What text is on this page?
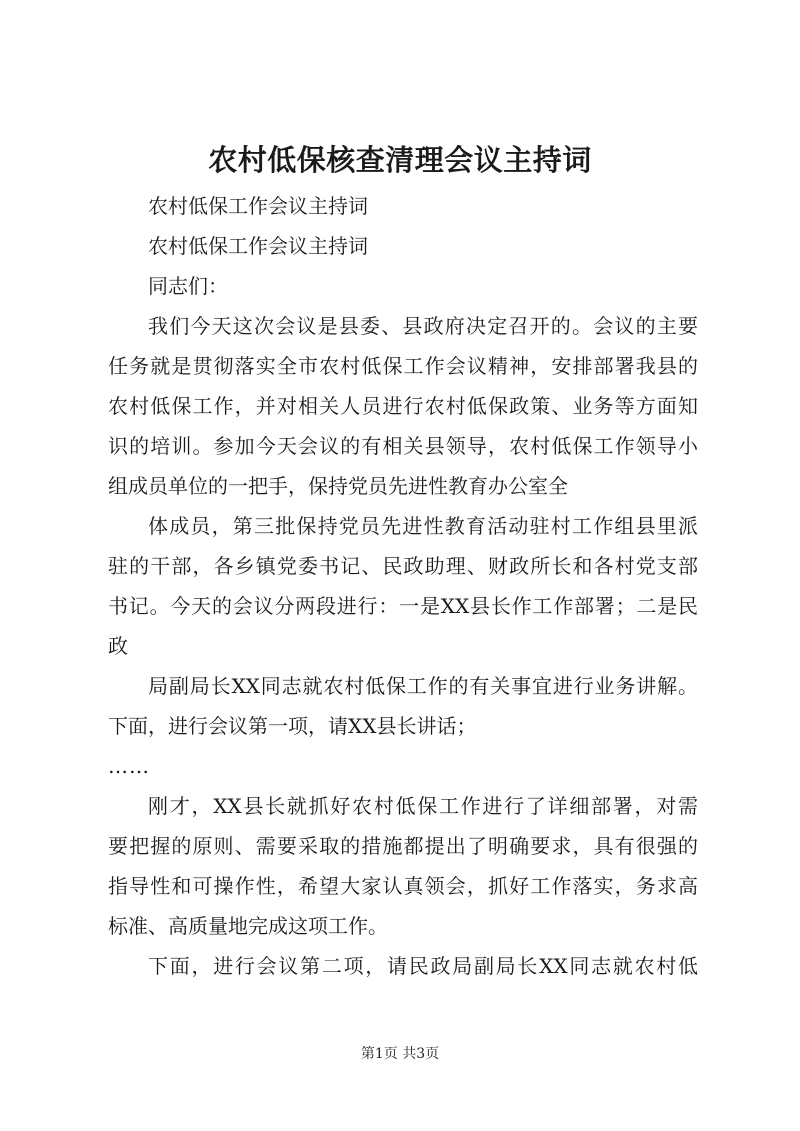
农村低保核查清理会议主持词

农村低保工作会议主持词

农村低保工作会议主持词

同志们：

我们今天这次会议是县委、县政府决定召开的。会议的主要

任务就是贯彻落实全市农村低保工作会议精神，安排部署我县的

农村低保工作，并对相关人员进行农村低保政策、业务等方面知

识的培训。参加今天会议的有相关县领导，农村低保工作领导小

组成员单位的一把手，保持党员先进性教育办公室全

体成员，第三批保持党员先进性教育活动驻村工作组县里派

驻的干部，各乡镇党委书记、民政助理、财政所长和各村党支部

书记。今天的会议分两段进行：一是XX县长作工作部署；二是民

政

局副局长XX同志就农村低保工作的有关事宜进行业务讲解。

下面，进行会议第一项，请XX县长讲话；

……

刚才，XX县长就抓好农村低保工作进行了详细部署，对需

要把握的原则、需要采取的措施都提出了明确要求，具有很强的

指导性和可操作性，希望大家认真领会，抓好工作落实，务求高

标准、高质量地完成这项工作。

下面，进行会议第二项，请民政局副局长XX同志就农村低

第1页 共3页
